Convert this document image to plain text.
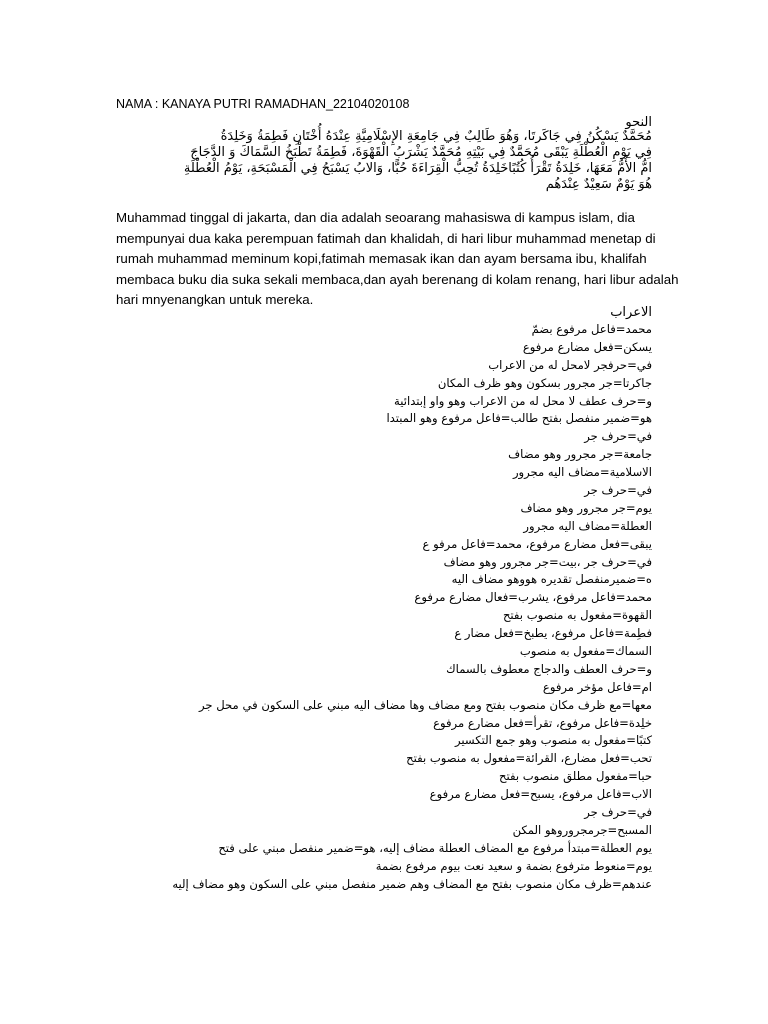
NAMA : KANAYA PUTRI RAMADHAN_22104020108
النحو
مُحَمَّدٌ يَسْكُنُ فِي جَاكَرتَا، وَهُوَ طَالِبٌ فِي جَامِعَةِ الإِسْلَامِيَّةِ عِنْدَهُ أُخْتَانِ فَطِمَةُ وَخَلِدَةُ
فِي يَوْمِ الْعُطْلَةِ يَبْقَى مُحَمَّدٌ فِي بَيْتِهِ مُحَمَّدٌ يَشْرَبُ الْقَهْوَةَ، فَطِمَةُ تَطْبَخُ السَّمَاكَ وَ الدَّجَاجَ
امُّ الأُمُّ مَعَهَا، خَلِدَةُ تَقْرَأُ كُتُبًاخَلِدَةُ تُحِبُّ الْقِرَاءَةَ حُبًّا، وَالابُ يَسْبَحُ فِي الْمَسْبَحَةِ، يَوْمُ الْعُطْلَةِ
هُوَ يَوْمٌ سَعِيْدٌ عِنْدَهُم
Muhammad tinggal di jakarta, dan dia adalah seoarang mahasiswa di kampus islam, dia
mempunyai dua kaka perempuan fatimah dan khalidah, di hari libur muhammad menetap di
rumah muhammad meminum kopi,fatimah memasak ikan dan ayam bersama ibu, khalifah
membaca buku dia suka sekali membaca,dan ayah berenang di kolam renang, hari libur adalah
hari mnyenangkan untuk mereka.
الاعراب
محمد=فاعل مرفوع بضمّ
يسكن=فعل مضارع مرفوع
في=حرفجر لامحل له من الاعراب
جاكرتا=جر مجرور بسكون وهو ظرف المكان
و=حرف عطف لا محل له من الاعراب وهو واو إبتدائية
هو=ضمير منفصل بفتح طالب=فاعل مرفوع وهو المبتدا
في=حرف جر
جامعة=جر مجرور وهو مضاف
الاسلامية=مضاف اليه مجرور
في=حرف جر
يوم=جر مجرور وهو مضاف
العطلة=مضاف اليه مجرور
يبقى=فعل مضارع مرفوع، محمد=فاعل مرفو ع
في=حرف جر ،بيت=جر مجرور وهو مضاف
ه=ضميرمنفصل تقديره هووهو مضاف اليه
محمد=فاعل مرفوع، يشرب=فعال مضارع مرفوع
القهوة=مفعول به منصوب بفتح
فطِمة=فاعل مرفوع، يطبخ=فعل مضار ع
السماك=مفعول به منصوب
و=حرف العطف والدجاج معطوف بالسماك
ام=فاعل مؤخر مرفوع
معها=مع ظرف مكان منصوب بفتح ومع مضاف وها مضاف اليه مبني على السكون في محل جر
خلِدة=فاعل مرفوع، تقرأ=فعل مضارع مرفوع
كتبًا=مفعول به منصوب وهو جمع التكسير
تحب=فعل مضارع، القرائة=مفعول به منصوب بفتح
حبا=مفعول مطلق منصوب بفتح
الاب=فاعل مرفوع، يسبح=فعل مضارع مرفوع
في=حرف جر
المسبح=جرمجروروهو المكن
يوم العطلة=مبتدأ مرفوع مع المضاف العطلة مضاف إليه، هو=ضمير منفصل مبني على فتح
يوم=منعوط مترفوع بضمة و سعيد نعت بيوم مرفوع بضمة
عندهم=ظرف مكان منصوب بفتح مع المضاف وهم ضمير منفصل مبني على السكون وهو مضاف إليه
